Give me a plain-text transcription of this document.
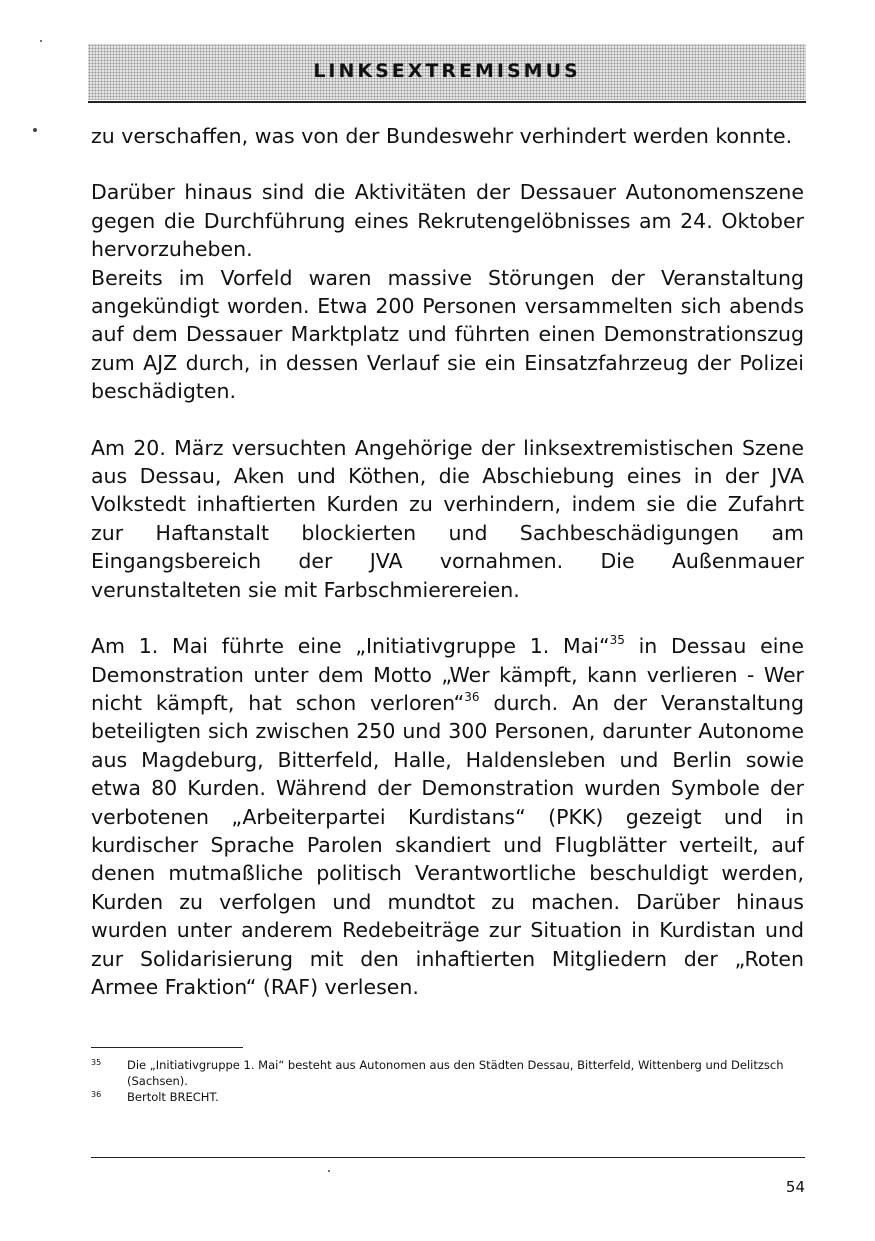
LINKSEXTREMISMUS

zu verschaffen, was von der Bundeswehr verhindert werden konnte.

Darüber hinaus sind die Aktivitäten der Dessauer Autonomenszene gegen die Durchführung eines Rekrutengelöbnisses am 24. Oktober hervorzuheben.

Bereits im Vorfeld waren massive Störungen der Veranstaltung angekündigt worden. Etwa 200 Personen versammelten sich abends auf dem Dessauer Marktplatz und führten einen Demonstrationszug zum AJZ durch, in dessen Verlauf sie ein Einsatzfahrzeug der Polizei beschädigten.

Am 20. März versuchten Angehörige der linksextremistischen Szene aus Dessau, Aken und Köthen, die Abschiebung eines in der JVA Volkstedt inhaftierten Kurden zu verhindern, indem sie die Zufahrt zur Haftanstalt blockierten und Sachbeschädigungen am Eingangsbereich der JVA vornahmen. Die Außenmauer verunstalteten sie mit Farbschmierereien.

Am 1. Mai führte eine „Initiativgruppe 1. Mai“$^{35}$ in Dessau eine Demonstration unter dem Motto „Wer kämpft, kann verlieren - Wer nicht kämpft, hat schon verloren“$^{36}$ durch. An der Veranstaltung beteiligten sich zwischen 250 und 300 Personen, darunter Autonome aus Magdeburg, Bitterfeld, Halle, Haldensleben und Berlin sowie etwa 80 Kurden. Während der Demonstration wurden Symbole der verbotenen „Arbeiterpartei Kurdistans“ (PKK) gezeigt und in kurdischer Sprache Parolen skandiert und Flugblätter verteilt, auf denen mutmaßliche politisch Verantwortliche beschuldigt werden, Kurden zu verfolgen und mundtot zu machen. Darüber hinaus wurden unter anderem Redebeiträge zur Situation in Kurdistan und zur Solidarisierung mit den inhaftierten Mitgliedern der „Roten Armee Fraktion“ (RAF) verlesen.

35	Die „Initiativgruppe 1. Mai“ besteht aus Autonomen aus den Städten Dessau, Bitterfeld, Wittenberg und Delitzsch (Sachsen).
36	Bertolt BRECHT.
54
